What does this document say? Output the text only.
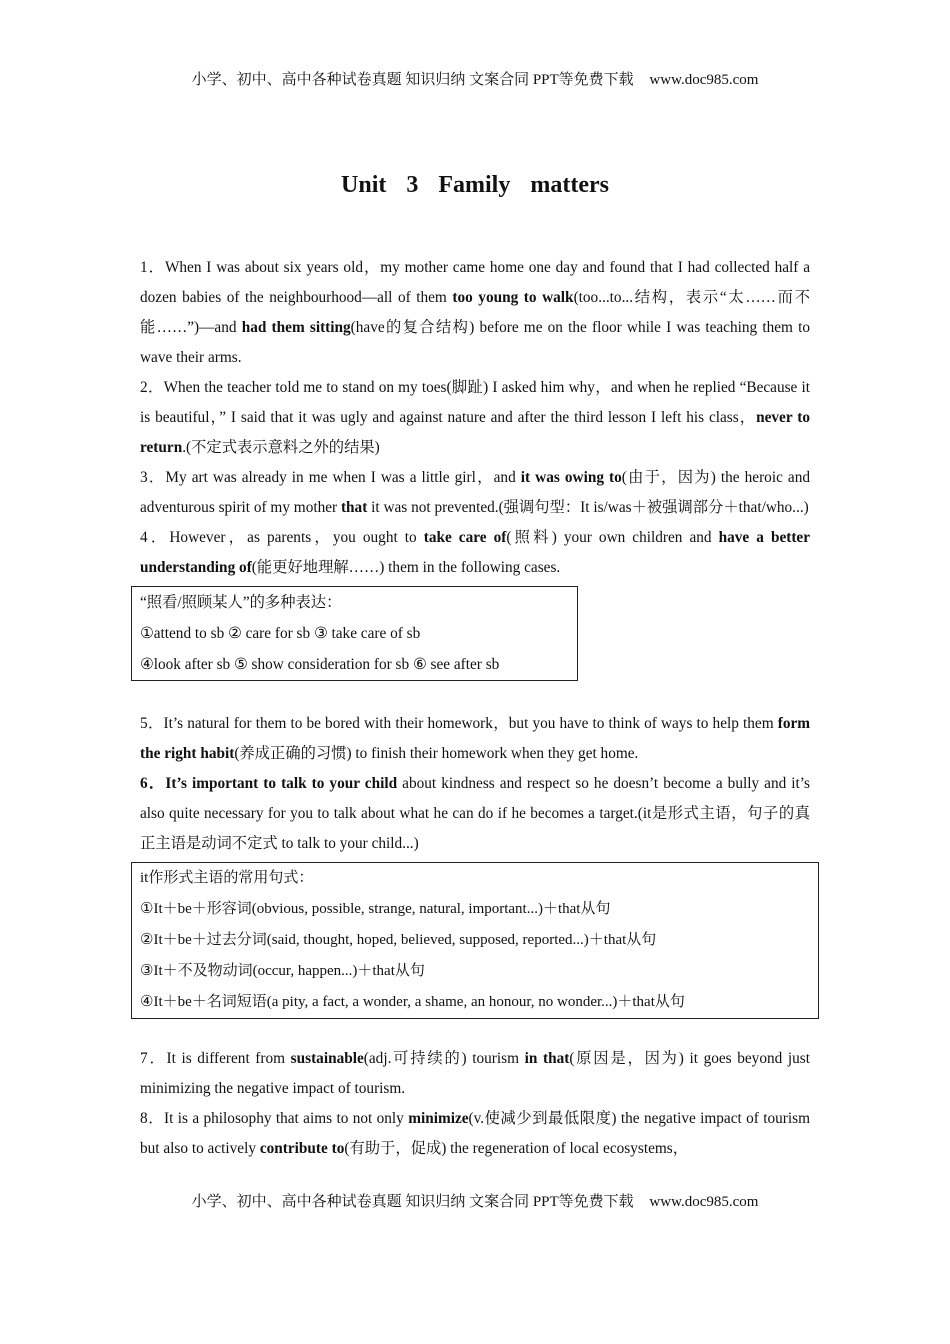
小学、初中、高中各种试卷真题 知识归纳 文案合同 PPT等免费下载 www.doc985.com
Unit 3 Family matters

1．When I was about six years old，my mother came home one day and found that I had collected half a dozen babies of the neighbourhood—all of them too young to walk(too...to...结构，表示“太……而不能……”)—and had them sitting(have的复合结构) before me on the floor while I was teaching them to wave their arms.

2．When the teacher told me to stand on my toes(脚趾) I asked him why，and when he replied “Because it is beautiful，” I said that it was ugly and against nature and after the third lesson I left his class，never to return.(不定式表示意料之外的结果)

3．My art was already in me when I was a little girl，and it was owing to(由于，因为) the heroic and adventurous spirit of my mother that it was not prevented.(强调句型：It is/was＋被强调部分＋that/who...)

4．However，as parents，you ought to take care of(照料) your own children and have a better understanding of(能更好地理解……) them in the following cases.

“照看/照顾某人”的多种表达：
①attend to sb ② care for sb ③ take care of sb
④look after sb ⑤ show consideration for sb ⑥ see after sb

5．It’s natural for them to be bored with their homework，but you have to think of ways to help them form the right habit(养成正确的习惯) to finish their homework when they get home.

6．It’s important to talk to your child about kindness and respect so he doesn’t become a bully and it’s also quite necessary for you to talk about what he can do if he becomes a target.(it是形式主语，句子的真正主语是动词不定式 to talk to your child...)

it作形式主语的常用句式：
①It＋be＋形容词(obvious, possible, strange, natural, important...)＋that从句
②It＋be＋过去分词(said, thought, hoped, believed, supposed, reported...)＋that从句
③It＋不及物动词(occur, happen...)＋that从句
④It＋be＋名词短语(a pity, a fact, a wonder, a shame, an honour, no wonder...)＋that从句

7．It is different from sustainable(adj.可持续的) tourism in that(原因是，因为) it goes beyond just minimizing the negative impact of tourism.

8．It is a philosophy that aims to not only minimize(v.使减少到最低限度) the negative impact of tourism but also to actively contribute to(有助于，促成) the regeneration of local ecosystems，

小学、初中、高中各种试卷真题 知识归纳 文案合同 PPT等免费下载 www.doc985.com
